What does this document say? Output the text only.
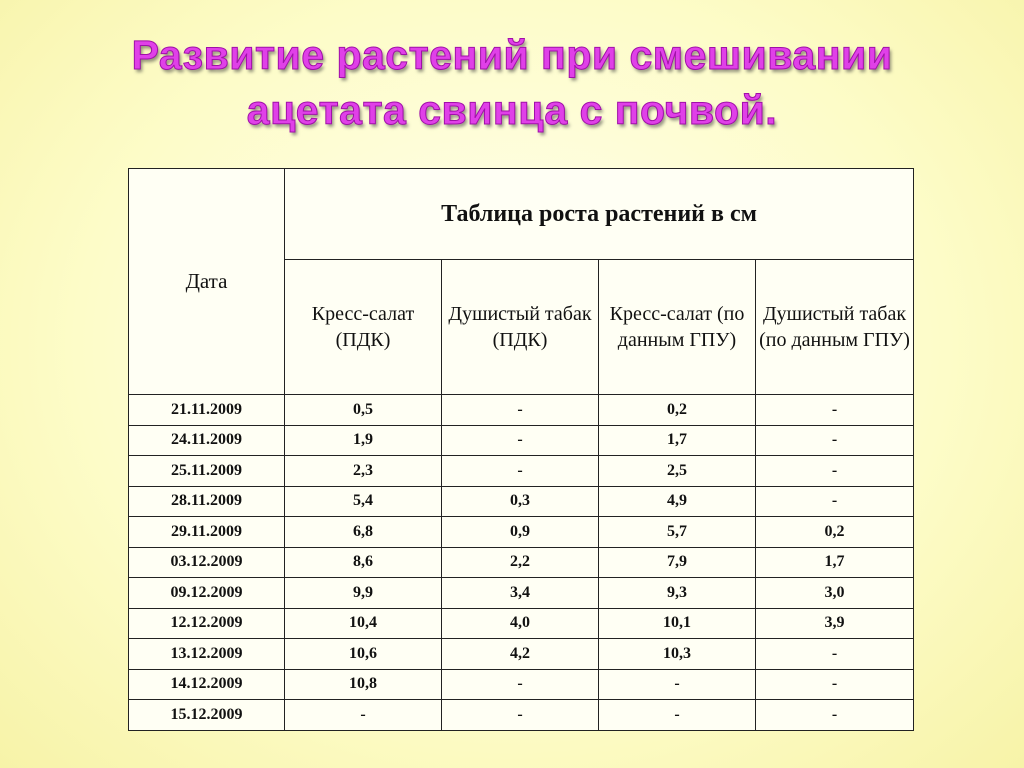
Развитие растений при смешивании
ацетата свинца с почвой.
Дата	Таблица роста растений в см			
	Кресс-салат (ПДК)	Душистый табак (ПДК)	Кресс-салат (по данным ГПУ)	Душистый табак (по данным ГПУ)
21.11.2009	0,5	-	0,2	-
24.11.2009	1,9	-	1,7	-
25.11.2009	2,3	-	2,5	-
28.11.2009	5,4	0,3	4,9	-
29.11.2009	6,8	0,9	5,7	0,2
03.12.2009	8,6	2,2	7,9	1,7
09.12.2009	9,9	3,4	9,3	3,0
12.12.2009	10,4	4,0	10,1	3,9
13.12.2009	10,6	4,2	10,3	-
14.12.2009	10,8	-	-	-
15.12.2009	-	-	-	-
